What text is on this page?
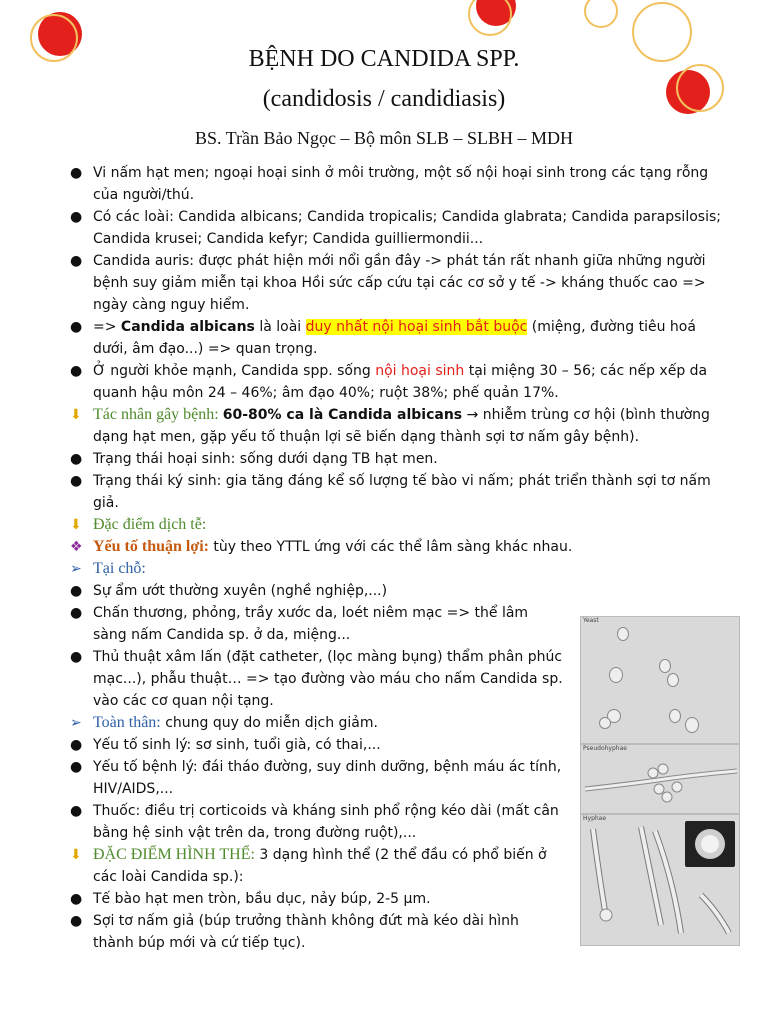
BỆNH DO CANDIDA SPP.
(candidosis / candidiasis)
BS. Trần Bảo Ngọc – Bộ môn SLB – SLBH – MDH
● Vi nấm hạt men; ngoại hoại sinh ở môi trường, một số nội hoại sinh trong các tạng rỗng của người/thú.
● Có các loài: Candida albicans; Candida tropicalis; Candida glabrata; Candida parapsilosis; Candida krusei; Candida kefyr; Candida guilliermondii...
● Candida auris: được phát hiện mới nổi gần đây -> phát tán rất nhanh giữa những người bệnh suy giảm miễn tại khoa Hồi sức cấp cứu tại các cơ sở y tế -> kháng thuốc cao => ngày càng nguy hiểm.
● => Candida albicans là loài duy nhất nội hoại sinh bắt buộc (miệng, đường tiêu hoá dưới, âm đạo...) => quan trọng.
● Ở người khỏe mạnh, Candida spp. sống nội hoại sinh tại miệng 30 – 56; các nếp xếp da quanh hậu môn 24 – 46%; âm đạo 40%; ruột 38%; phế quản 17%.
⬇ Tác nhân gây bệnh: 60-80% ca là Candida albicans → nhiễm trùng cơ hội (bình thường dạng hạt men, gặp yếu tố thuận lợi sẽ biến dạng thành sợi tơ nấm gây bệnh).
● Trạng thái hoại sinh: sống dưới dạng TB hạt men.
● Trạng thái ký sinh: gia tăng đáng kể số lượng tế bào vi nấm; phát triển thành sợi tơ nấm giả.
⬇ Đặc điểm dịch tễ:
❖ Yếu tố thuận lợi: tùy theo YTTL ứng với các thể lâm sàng khác nhau.
➢ Tại chỗ:
● Sự ẩm ướt thường xuyên (nghề nghiệp,...)
● Chấn thương, phỏng, trầy xước da, loét niêm mạc => thể lâm sàng nấm Candida sp. ở da, miệng...
● Thủ thuật xâm lấn (đặt catheter, (lọc màng bụng) thẩm phân phúc mạc...), phẫu thuật… => tạo đường vào máu cho nấm Candida sp. vào các cơ quan nội tạng.
➢ Toàn thân: chung quy do miễn dịch giảm.
● Yếu tố sinh lý: sơ sinh, tuổi già, có thai,...
● Yếu tố bệnh lý: đái tháo đường, suy dinh dưỡng, bệnh máu ác tính, HIV/AIDS,...
● Thuốc: điều trị corticoids và kháng sinh phổ rộng kéo dài (mất cân bằng hệ sinh vật trên da, trong đường ruột),...
⬇ ĐẶC ĐIỂM HÌNH THỂ: 3 dạng hình thể (2 thể đầu có phổ biến ở các loài Candida sp.):
● Tế bào hạt men tròn, bầu dục, nảy búp, 2-5 µm.
● Sợi tơ nấm giả (búp trưởng thành không đứt mà kéo dài hình thành búp mới và cứ tiếp tục).
Yeast
Pseudohyphae
Hyphae
